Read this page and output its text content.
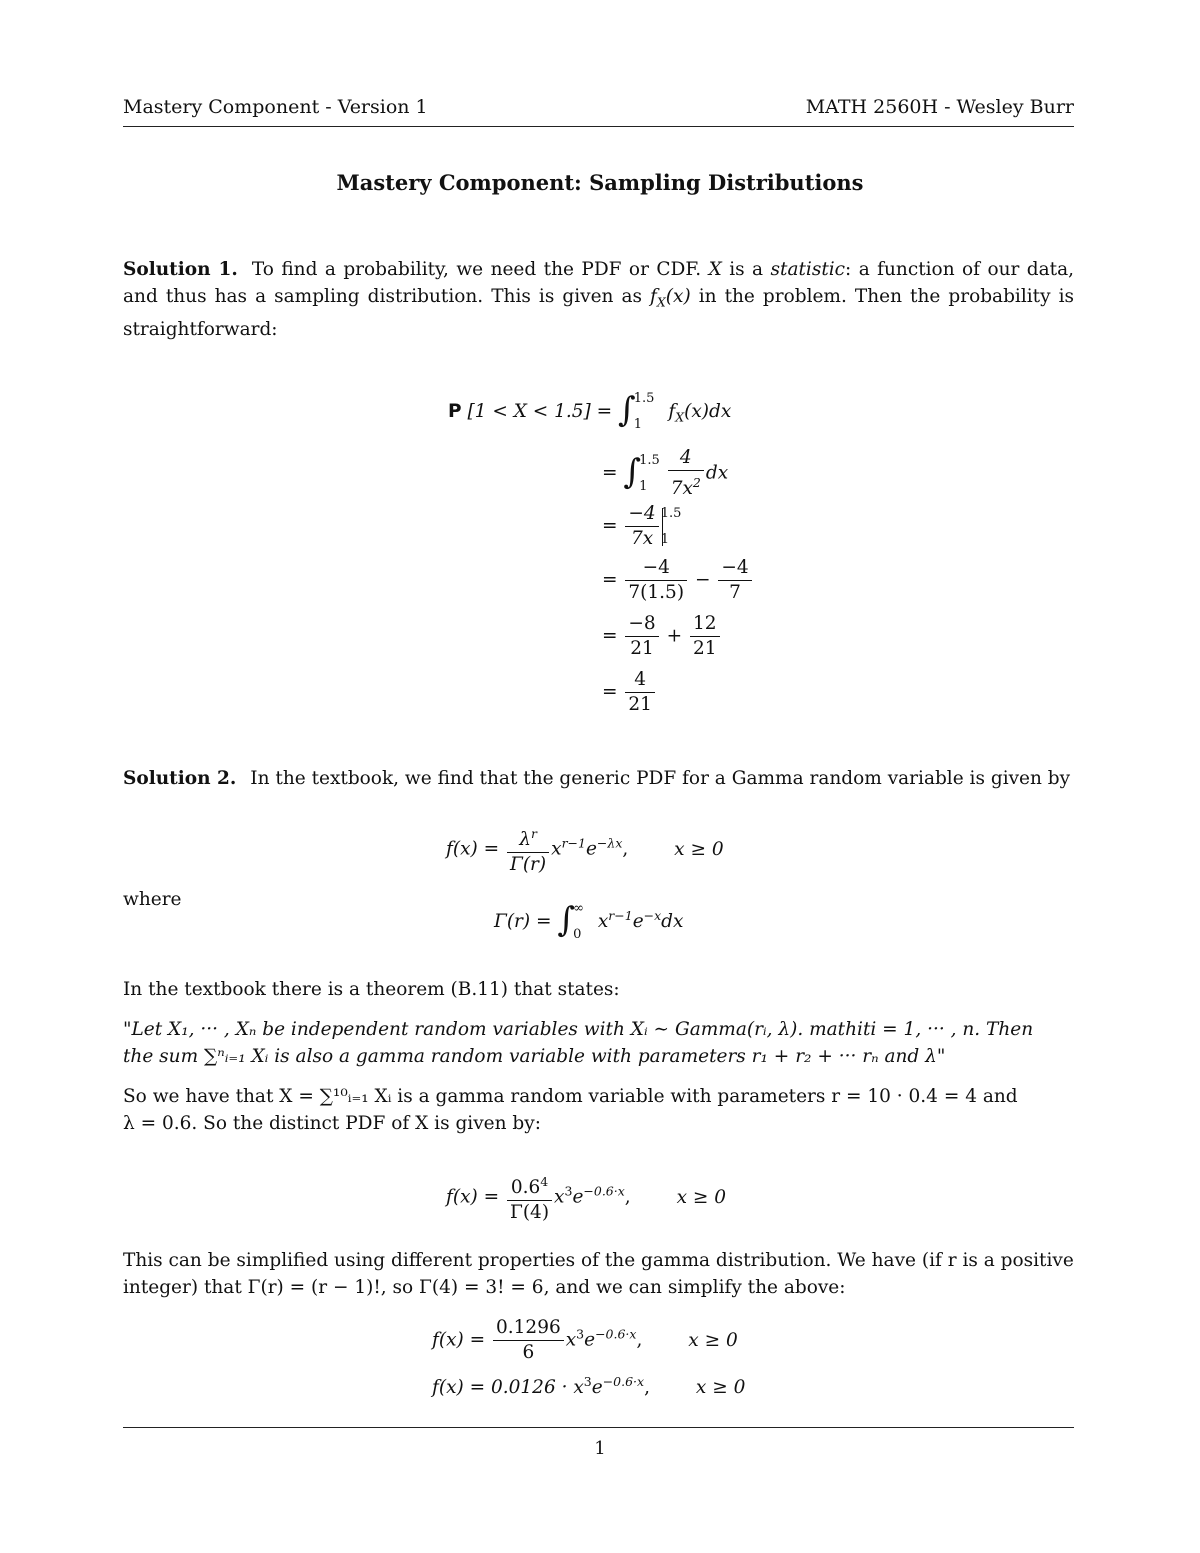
Mastery Component - Version 1	MATH 2560H - Wesley Burr
Mastery Component: Sampling Distributions
Solution 1. To find a probability, we need the PDF or CDF. X is a statistic: a function of our data, and thus has a sampling distribution. This is given as $f_X(x)$ in the problem. Then the probability is straightforward:
P [1 < X < 1.5] = ∫
1.5
1
$f_X(x)dx$
= ∫
1.5
1
	$\frac{4}{7x^2}$ dx
= $\frac{-4}{7x} 1.5$
1
= $\frac{-4}{7(1.5)} - \frac{-4}{7}$
= $\frac{-8}{21} + \frac{12}{21}$
= $\frac{4}{21}$
Solution 2. In the textbook, we find that the generic PDF for a Gamma random variable is given by
$f(x) = \frac{\lambda^r}{\Gamma(r)} x^{r-1}e^{-\lambda x}$, x ≥ 0
where
Γ(r) = ∫
∞
0
$x^{r-1}e^{-x}dx$
In the textbook there is a theorem (B.11) that states:
"Let X₁, ··· , Xₙ be independent random variables with Xᵢ ∼ Gamma(rᵢ, λ). mathiti = 1, ··· , n. Then
the sum ∑ⁿᵢ₌₁ Xᵢ is also a gamma random variable with parameters r₁ + r₂ + ··· rₙ and λ"
So we have that X = ∑¹⁰ᵢ₌₁ Xᵢ is a gamma random variable with parameters r = 10 · 0.4 = 4 and
λ = 0.6. So the distinct PDF of X is given by:
$f(x) = \frac{0.6^4}{\Gamma(4)} x^3e^{-0.6\cdot x}$, x ≥ 0
This can be simplified using different properties of the gamma distribution. We have (if r is a positive
integer) that Γ(r) = (r − 1)!, so Γ(4) = 3! = 6, and we can simplify the above:
$f(x) = \frac{0.1296}{6} x^3e^{-0.6\cdot x}$, x ≥ 0
$f(x) = 0.0126 \cdot x^3e^{-0.6\cdot x}$, x ≥ 0
1
